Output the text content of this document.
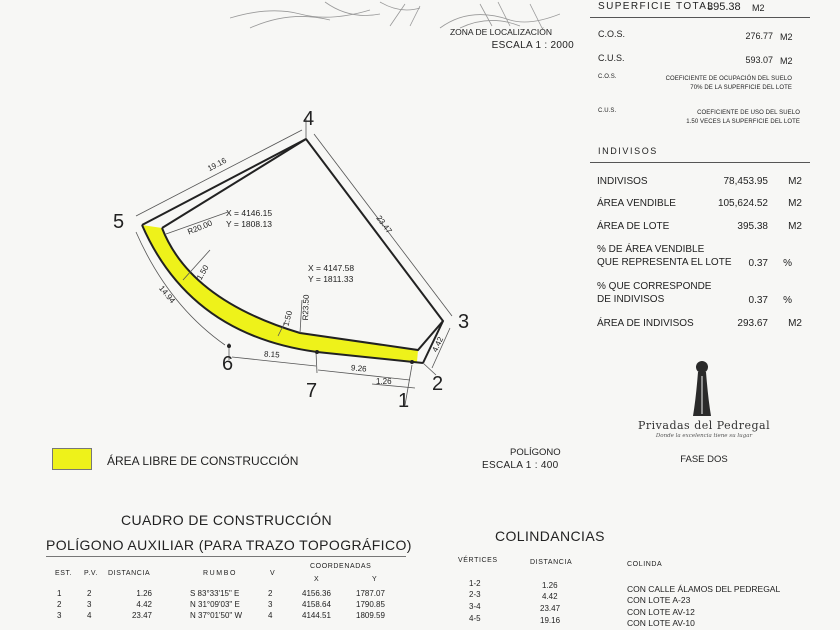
ZONA DE LOCALIZACIÓN
ESCALA 1 : 2000
SUPERFICIE TOTAL
395.38 M2
C.O.S.	276.77 M2
C.U.S.	593.07 M2
C.O.S.	COEFICIENTE DE OCUPACIÓN DEL SUELO
70% DE LA SUPERFICIE DEL LOTE
C.U.S.	COEFICIENTE DE USO DEL SUELO
1.50 VECES LA SUPERFICIE DEL LOTE
INDIVISOS
INDIVISOS	78,453.95 M2
ÁREA VENDIBLE	105,624.52 M2
ÁREA DE LOTE	395.38 M2
% DE ÁREA VENDIBLE
QUE REPRESENTA EL LOTE 0.37 %
% QUE CORRESPONDE
DE INDIVISOS	0.37 %
ÁREA DE INDIVISOS	293.67 M2
Privadas del Pedregal
Donde la excelencia tiene su lugar
FASE DOS
1
2
3
4
5
6
7
19.16
23.47
4.42
14.94
8.15
9.26
1.26
1.50
1.50
R20.00
R23.50
X = 4146.15
Y = 1808.13
X = 4147.58
Y = 1811.33
POLÍGONO
ESCALA 1 : 400
ÁREA LIBRE DE CONSTRUCCIÓN
CUADRO DE CONSTRUCCIÓN
POLÍGONO AUXILIAR (PARA TRAZO TOPOGRÁFICO)
EST. P.V. DISTANCIA	RUMBO	V
COORDENADAS
X	Y
1	2	1.26	S 83°33'15" E	2	4156.36	1787.07
2	3	4.42	N 31°09'03" E	3	4158.64	1790.85
3	4	23.47	N 37°01'50" W	4	4144.51	1809.59
COLINDANCIAS
VÉRTICES	DISTANCIA	COLINDA
1-2	1.26	CON CALLE ÁLAMOS DEL PEDREGAL
2-3	4.42	CON LOTE A-23
3-4	23.47	CON LOTE AV-12
4-5	19.16	CON LOTE AV-10
